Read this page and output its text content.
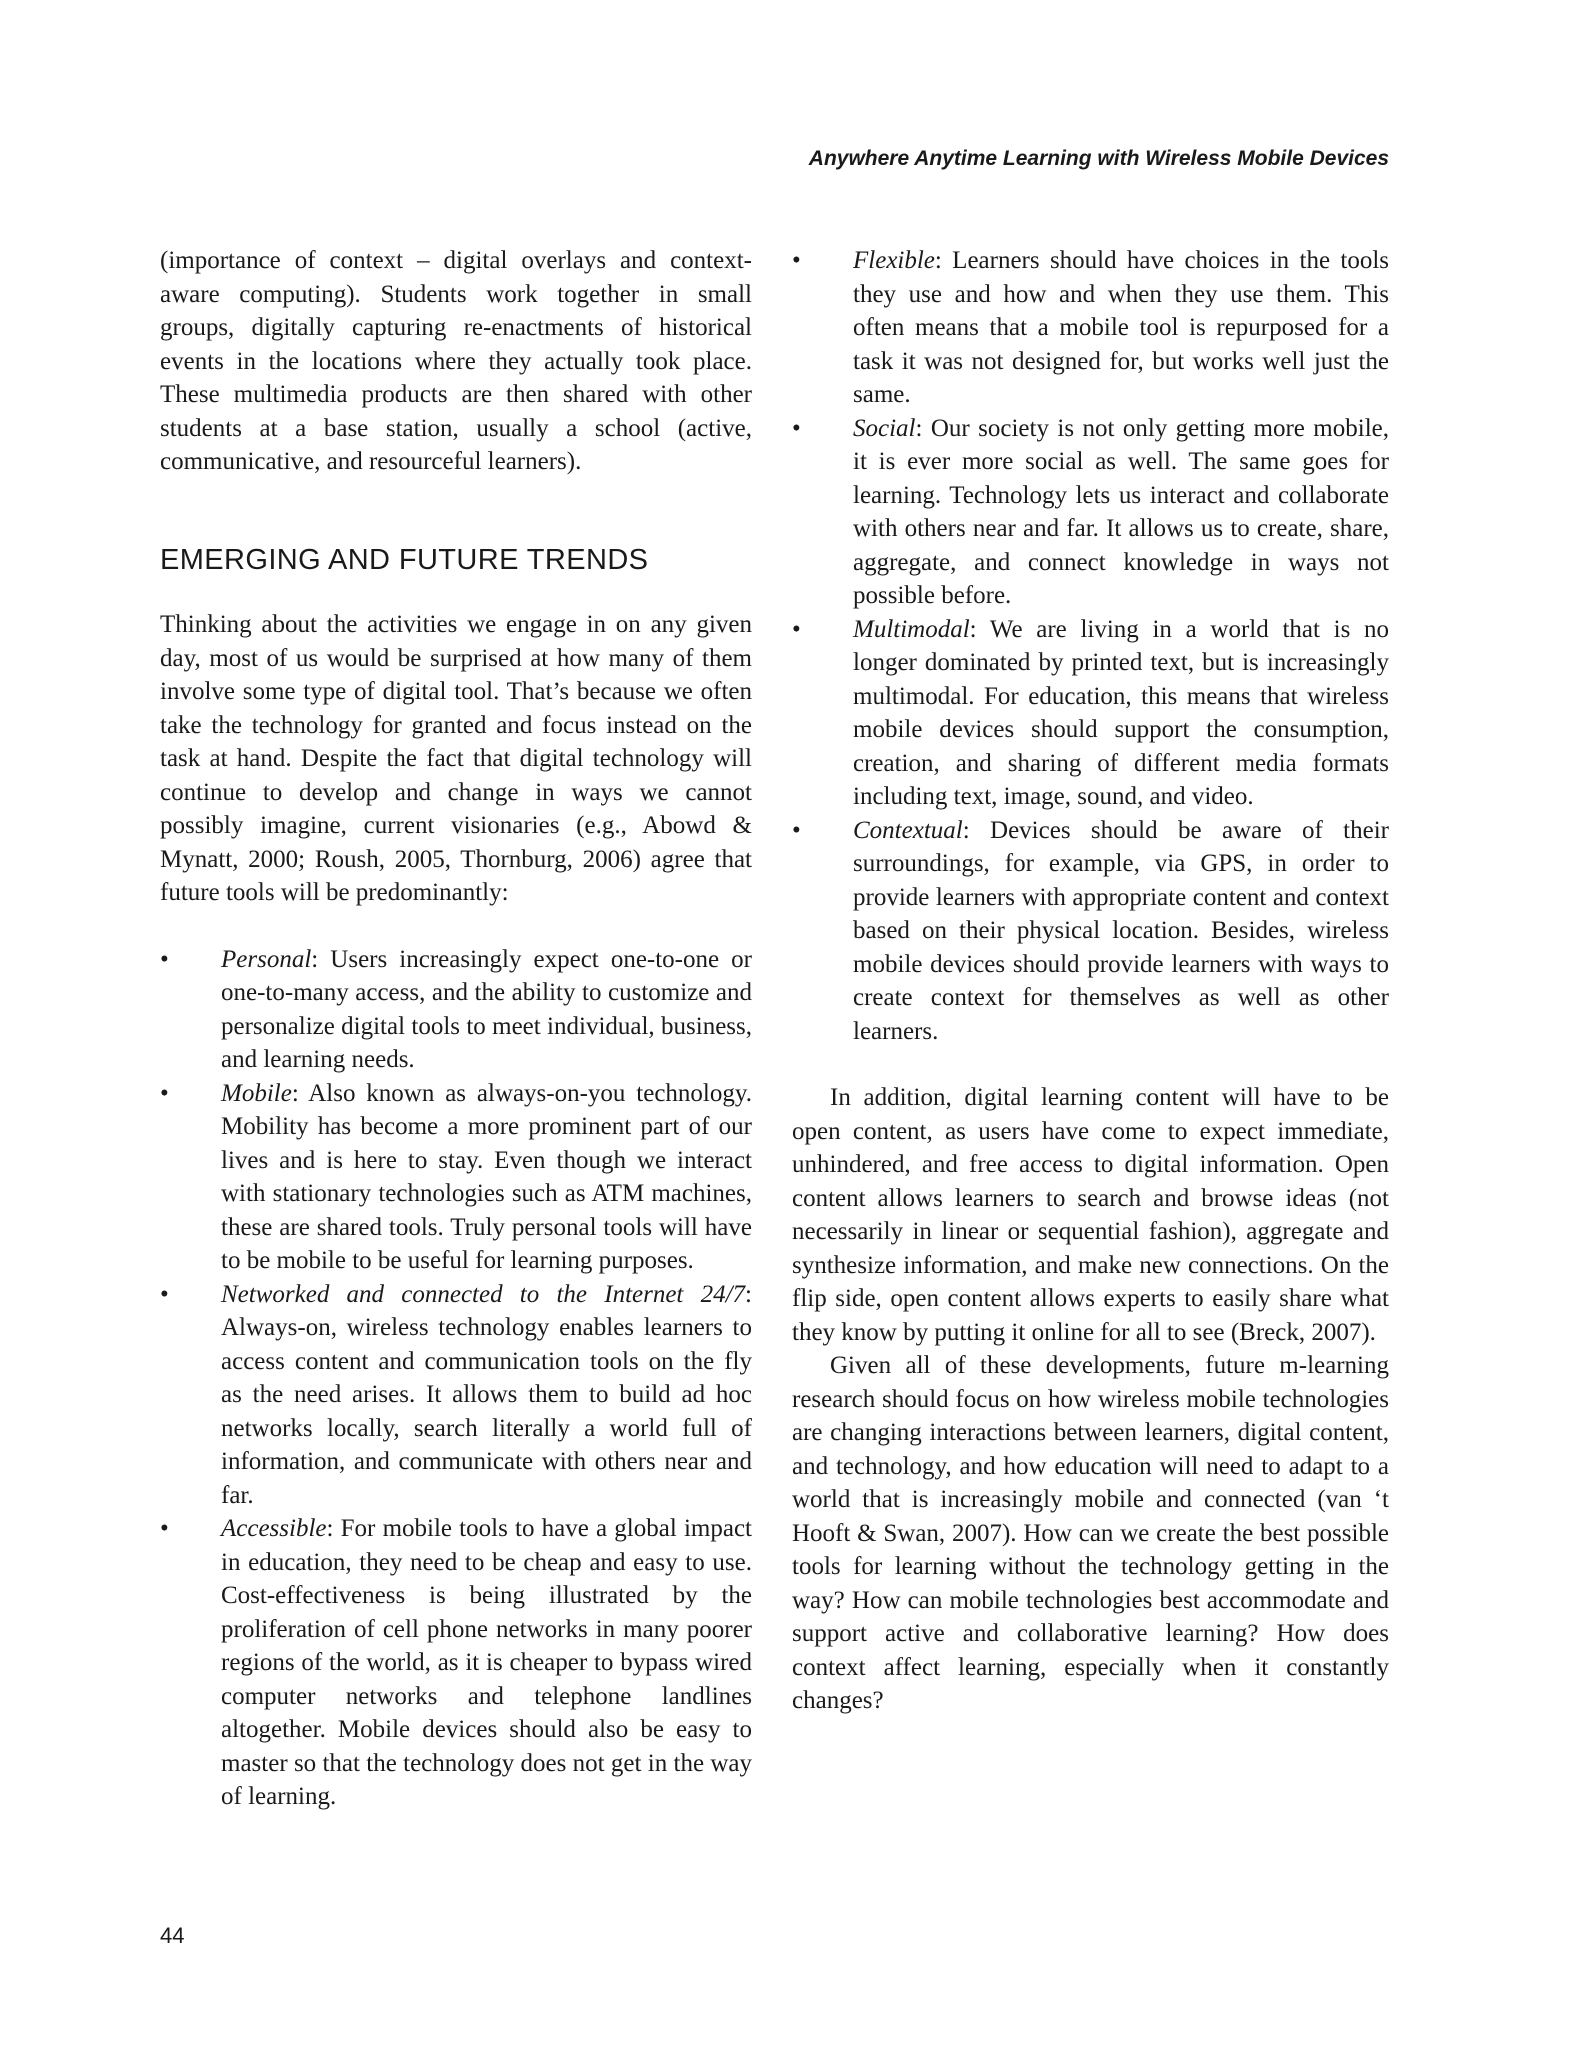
Anywhere Anytime Learning with Wireless Mobile Devices

(importance of context – digital overlays and context-aware computing). Students work together in small groups, digitally capturing re-enactments of historical events in the locations where they actually took place. These multimedia products are then shared with other students at a base station, usually a school (active, communicative, and resourceful learners).

EMERGING AND FUTURE TRENDS

Thinking about the activities we engage in on any given day, most of us would be surprised at how many of them involve some type of digital tool. That’s because we often take the technology for granted and focus instead on the task at hand. Despite the fact that digital technology will continue to develop and change in ways we cannot possibly imagine, current visionaries (e.g., Abowd & Mynatt, 2000; Roush, 2005, Thornburg, 2006) agree that future tools will be predominantly:

•	Personal: Users increasingly expect one-to-one or one-to-many access, and the ability to customize and personalize digital tools to meet individual, business, and learning needs.
•	Mobile: Also known as always-on-you technology. Mobility has become a more prominent part of our lives and is here to stay. Even though we interact with stationary technologies such as ATM machines, these are shared tools. Truly personal tools will have to be mobile to be useful for learning purposes.
•	Networked and connected to the Internet 24/7: Always-on, wireless technology enables learners to access content and communication tools on the fly as the need arises. It allows them to build ad hoc networks locally, search literally a world full of information, and communicate with others near and far.
•	Accessible: For mobile tools to have a global impact in education, they need to be cheap and easy to use. Cost-effectiveness is being illustrated by the proliferation of cell phone networks in many poorer regions of the world, as it is cheaper to bypass wired computer networks and telephone landlines altogether. Mobile devices should also be easy to master so that the technology does not get in the way of learning.
•	Flexible: Learners should have choices in the tools they use and how and when they use them. This often means that a mobile tool is repurposed for a task it was not designed for, but works well just the same.
•	Social: Our society is not only getting more mobile, it is ever more social as well. The same goes for learning. Technology lets us interact and collaborate with others near and far. It allows us to create, share, aggregate, and connect knowledge in ways not possible before.
•	Multimodal: We are living in a world that is no longer dominated by printed text, but is increasingly multimodal. For education, this means that wireless mobile devices should support the consumption, creation, and sharing of different media formats including text, image, sound, and video.
•	Contextual: Devices should be aware of their surroundings, for example, via GPS, in order to provide learners with appropriate content and context based on their physical location. Besides, wireless mobile devices should provide learners with ways to create context for themselves as well as other learners.

In addition, digital learning content will have to be open content, as users have come to expect immediate, unhindered, and free access to digital information. Open content allows learners to search and browse ideas (not necessarily in linear or sequential fashion), aggregate and synthesize information, and make new connections. On the flip side, open content allows experts to easily share what they know by putting it online for all to see (Breck, 2007).

Given all of these developments, future m-learning research should focus on how wireless mobile technologies are changing interactions between learners, digital content, and technology, and how education will need to adapt to a world that is increasingly mobile and connected (van ‘t Hooft & Swan, 2007). How can we create the best possible tools for learning without the technology getting in the way? How can mobile technologies best accommodate and support active and collaborative learning? How does context affect learning, especially when it constantly changes?

44
